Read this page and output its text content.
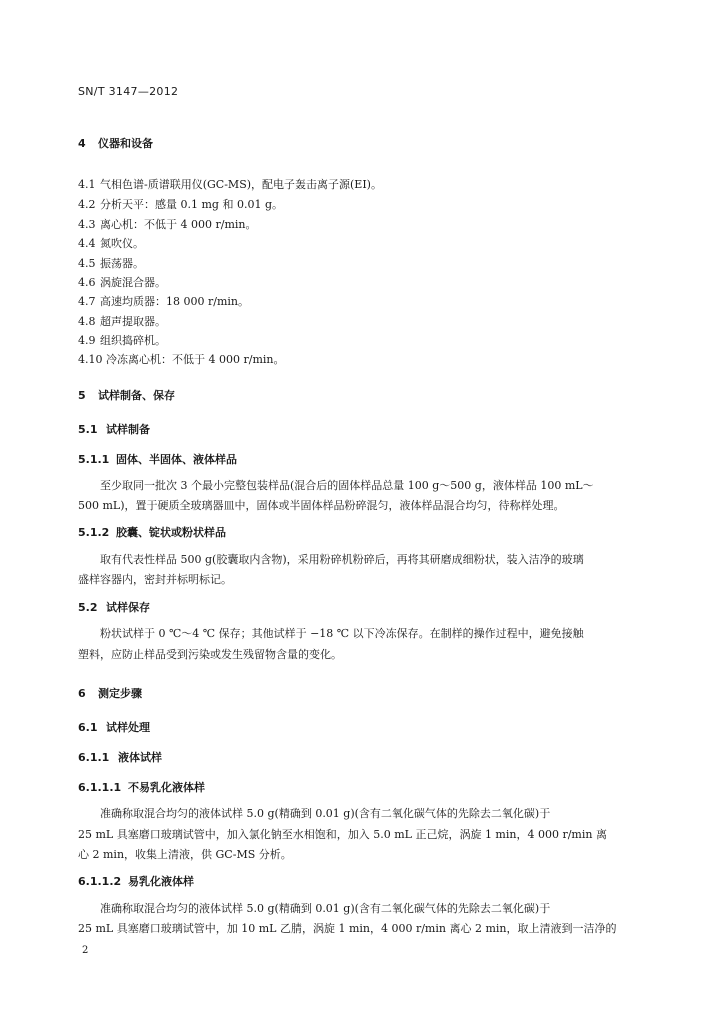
SN/T 3147—2012
4 仪器和设备
4.1 气相色谱-质谱联用仪(GC-MS)，配电子轰击离子源(EI)。
4.2 分析天平：感量 0.1 mg 和 0.01 g。
4.3 离心机：不低于 4 000 r/min。
4.4 氮吹仪。
4.5 振荡器。
4.6 涡旋混合器。
4.7 高速均质器：18 000 r/min。
4.8 超声提取器。
4.9 组织捣碎机。
4.10 冷冻离心机：不低于 4 000 r/min。
5 试样制备、保存
5.1 试样制备
5.1.1 固体、半固体、液体样品
至少取同一批次 3 个最小完整包装样品(混合后的固体样品总量 100 g～500 g，液体样品 100 mL～
500 mL)，置于硬质全玻璃器皿中，固体或半固体样品粉碎混匀，液体样品混合均匀，待称样处理。
5.1.2 胶囊、锭状或粉状样品
取有代表性样品 500 g(胶囊取内含物)，采用粉碎机粉碎后，再将其研磨成细粉状，装入洁净的玻璃
盛样容器内，密封并标明标记。
5.2 试样保存
粉状试样于 0 ℃～4 ℃ 保存；其他试样于 −18 ℃ 以下冷冻保存。在制样的操作过程中，避免接触
塑料，应防止样品受到污染或发生残留物含量的变化。
6 测定步骤
6.1 试样处理
6.1.1 液体试样
6.1.1.1 不易乳化液体样
准确称取混合均匀的液体试样 5.0 g(精确到 0.01 g)(含有二氧化碳气体的先除去二氧化碳)于
25 mL 具塞磨口玻璃试管中，加入氯化钠至水相饱和，加入 5.0 mL 正己烷，涡旋 1 min，4 000 r/min 离
心 2 min，收集上清液，供 GC-MS 分析。
6.1.1.2 易乳化液体样
准确称取混合均匀的液体试样 5.0 g(精确到 0.01 g)(含有二氧化碳气体的先除去二氧化碳)于
25 mL 具塞磨口玻璃试管中，加 10 mL 乙腈，涡旋 1 min，4 000 r/min 离心 2 min，取上清液到一洁净的
2
